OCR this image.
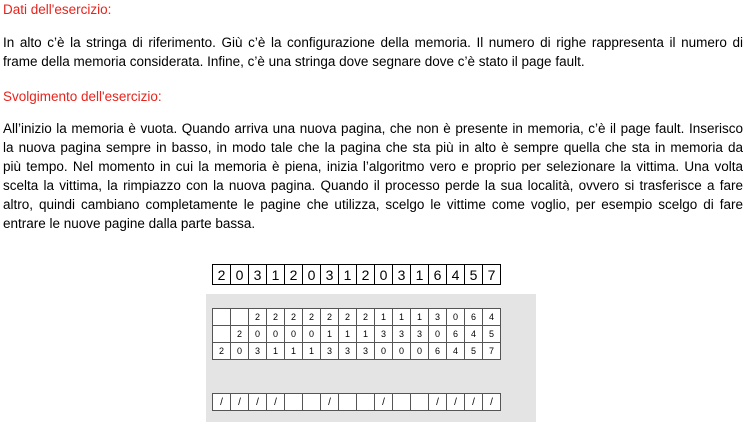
Dati dell'esercizio:
In alto c’è la stringa di riferimento. Giù c’è la configurazione della memoria. Il numero di righe rappresenta il numero di
frame della memoria considerata. Infine, c’è una stringa dove segnare dove c’è stato il page fault.
Svolgimento dell'esercizio:
All’inizio la memoria è vuota. Quando arriva una nuova pagina, che non è presente in memoria, c’è il page fault. Inserisco
la nuova pagina sempre in basso, in modo tale che la pagina che sta più in alto è sempre quella che sta in memoria da
più tempo. Nel momento in cui la memoria è piena, inizia l’algoritmo vero e proprio per selezionare la vittima. Una volta
scelta la vittima, la rimpiazzo con la nuova pagina. Quando il processo perde la sua località, ovvero si trasferisce a fare
altro, quindi cambiano completamente le pagine che utilizza, scelgo le vittime come voglio, per esempio scelgo di fare
entrare le nuove pagine dalla parte bassa.
2	0	3	1	2	0	3	1	2	0	3	1	6	4	5	7
		2	2	2	2	2	2	2	1	1	1	3	0	6	4
	2	0	0	0	0	1	1	1	3	3	3	0	6	4	5
2	0	3	1	1	1	3	3	3	0	0	0	6	4	5	7
/	/	/	/			/			/			/	/	/	/
